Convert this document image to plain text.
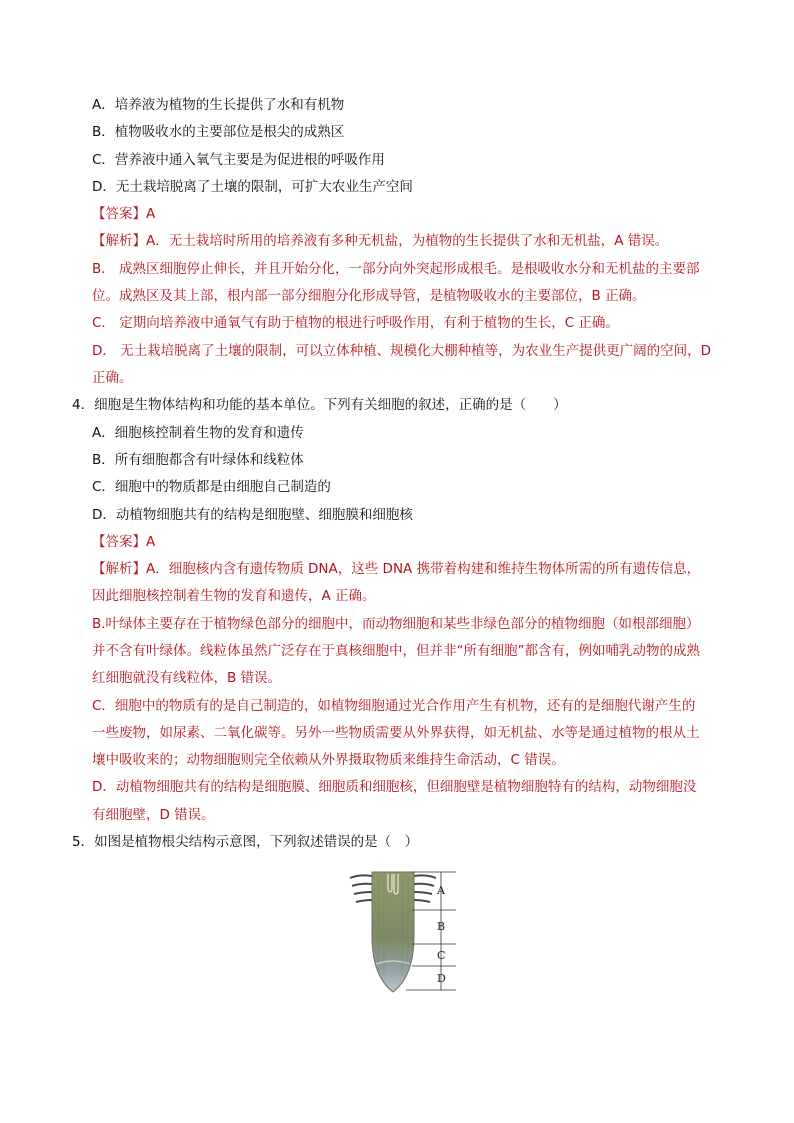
A．培养液为植物的生长提供了水和有机物
B．植物吸收水的主要部位是根尖的成熟区
C．营养液中通入氧气主要是为促进根的呼吸作用
D．无土栽培脱离了土壤的限制，可扩大农业生产空间
【答案】A
【解析】A．无土栽培时所用的培养液有多种无机盐，为植物的生长提供了水和无机盐，A 错误。
B． 成熟区细胞停止伸长，并且开始分化，一部分向外突起形成根毛。是根吸收水分和无机盐的主要部
位。成熟区及其上部，根内部一部分细胞分化形成导管，是植物吸收水的主要部位，B 正确。
C． 定期向培养液中通氧气有助于植物的根进行呼吸作用，有利于植物的生长，C 正确。
D． 无土栽培脱离了土壤的限制，可以立体种植、规模化大棚种植等，为农业生产提供更广阔的空间，D
正确。
4．细胞是生物体结构和功能的基本单位。下列有关细胞的叙述，正确的是（　　）
A．细胞核控制着生物的发育和遗传
B．所有细胞都含有叶绿体和线粒体
C．细胞中的物质都是由细胞自己制造的
D．动植物细胞共有的结构是细胞壁、细胞膜和细胞核
【答案】A
【解析】A．细胞核内含有遗传物质 DNA，这些 DNA 携带着构建和维持生物体所需的所有遗传信息，
因此细胞核控制着生物的发育和遗传，A 正确。
B.叶绿体主要存在于植物绿色部分的细胞中，而动物细胞和某些非绿色部分的植物细胞（如根部细胞）
并不含有叶绿体。线粒体虽然广泛存在于真核细胞中，但并非“所有细胞”都含有，例如哺乳动物的成熟
红细胞就没有线粒体，B 错误。
C．细胞中的物质有的是自己制造的，如植物细胞通过光合作用产生有机物，还有的是细胞代谢产生的
一些废物，如尿素、二氧化碳等。另外一些物质需要从外界获得，如无机盐、水等是通过植物的根从土
壤中吸收来的；动物细胞则完全依赖从外界摄取物质来维持生命活动，C 错误。
D．动植物细胞共有的结构是细胞膜、细胞质和细胞核，但细胞壁是植物细胞特有的结构，动物细胞没
有细胞壁，D 错误。
5．如图是植物根尖结构示意图，下列叙述错误的是（　）
A
B
C
D
